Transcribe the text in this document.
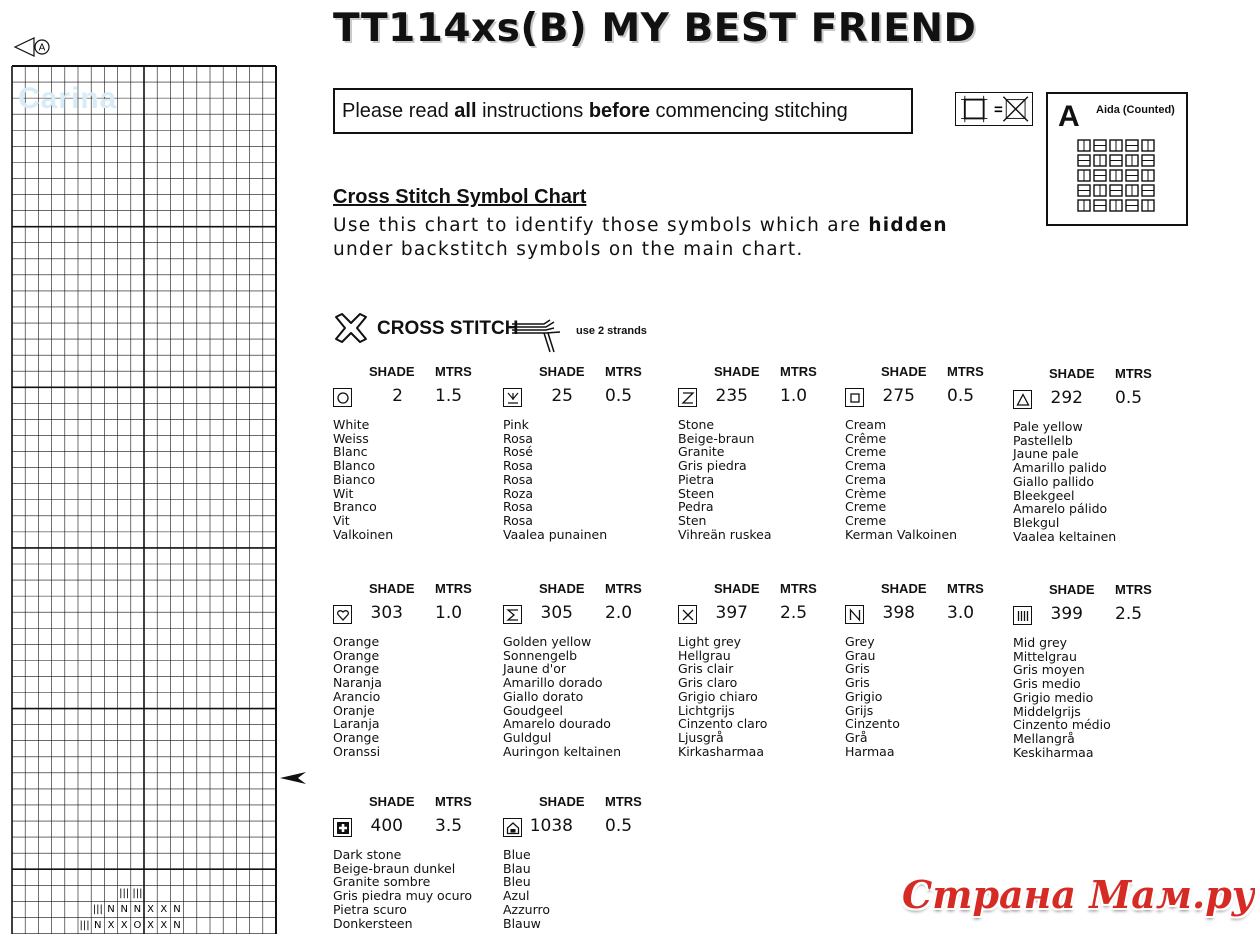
||| |||
||| N N N X X N
||| N X X O X X N
Carina
A	TT114xs(B) MY BEST FRIEND
Please read all instructions before commencing stitching	= A Aida (Counted)
Cross Stitch Symbol Chart
Use this chart to identify those symbols which are hidden
under backstitch symbols on the main chart.
CROSS STITCH	use 2 strands
SHADE MTRS
2 1.5
White
Weiss
Blanc
Blanco
Bianco
Wit
Branco
Vit
Valkoinen
SHADE MTRS
25 0.5
Pink
Rosa
Rosé
Rosa
Rosa
Roza
Rosa
Rosa
Vaalea punainen
SHADE MTRS
235 1.0
Stone
Beige-braun
Granite
Gris piedra
Pietra
Steen
Pedra
Sten
Vihreän ruskea
SHADE MTRS
275 0.5
Cream
Crême
Creme
Crema
Crema
Crème
Creme
Creme
Kerman Valkoinen
SHADE MTRS
292 0.5
Pale yellow
Pastellelb
Jaune pale
Amarillo palido
Giallo pallido
Bleekgeel
Amarelo pálido
Blekgul
Vaalea keltainen
SHADE MTRS
303 1.0
Orange
Orange
Orange
Naranja
Arancio
Oranje
Laranja
Orange
Oranssi
SHADE MTRS
305 2.0
Golden yellow
Sonnengelb
Jaune d'or
Amarillo dorado
Giallo dorato
Goudgeel
Amarelo dourado
Guldgul
Auringon keltainen
SHADE MTRS
397 2.5
Light grey
Hellgrau
Gris clair
Gris claro
Grigio chiaro
Lichtgrijs
Cinzento claro
Ljusgrå
Kirkasharmaa
SHADE MTRS
398 3.0
Grey
Grau
Gris
Gris
Grigio
Grijs
Cinzento
Grå
Harmaa
SHADE MTRS
399 2.5
Mid grey
Mittelgrau
Gris moyen
Gris medio
Grigio medio
Middelgrijs
Cinzento médio
Mellangrå
Keskiharmaa
SHADE MTRS
400 3.5
Dark stone
Beige-braun dunkel
Granite sombre
Gris piedra muy ocuro
Pietra scuro
Donkersteen
SHADE MTRS
1038 0.5
Blue
Blau
Bleu
Azul
Azzurro
Blauw
Страна Мам.ру
